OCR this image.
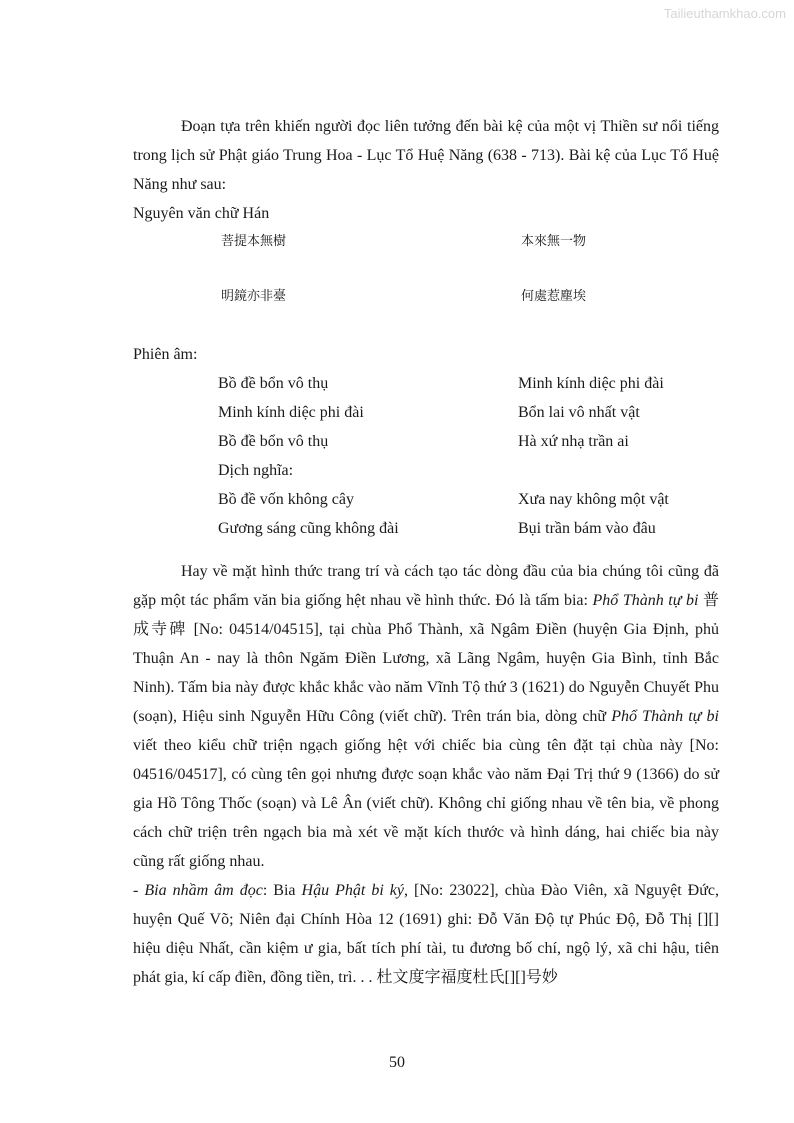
Tailieuthamkhao.com

Đoạn tựa trên khiến người đọc liên tưởng đến bài kệ của một vị Thiền sư nổi tiếng trong lịch sử Phật giáo Trung Hoa - Lục Tổ Huệ Năng (638 - 713). Bài kệ của Lục Tổ Huệ Năng như sau:

Nguyên văn chữ Hán

菩提本無樹	本來無一物
明鏡亦非臺	何處惹塵埃

Phiên âm:

Bồ đề bổn vô thụ	Minh kính diệc phi đài
Minh kính diệc phi đài	Bổn lai vô nhất vật
Bồ đề bổn vô thụ	Hà xứ nhạ trần ai
Dịch nghĩa:
Bồ đề vốn không cây	Xưa nay không một vật
Gương sáng cũng không đài	Bụi trần bám vào đâu

Hay về mặt hình thức trang trí và cách tạo tác dòng đầu của bia chúng tôi cũng đã gặp một tác phẩm văn bia giống hệt nhau về hình thức. Đó là tấm bia: Phổ Thành tự bi 普成寺碑 [No: 04514/04515], tại chùa Phổ Thành, xã Ngâm Điền (huyện Gia Định, phủ Thuận An - nay là thôn Ngăm Điền Lương, xã Lãng Ngâm, huyện Gia Bình, tỉnh Bắc Ninh). Tấm bia này được khắc khắc vào năm Vĩnh Tộ thứ 3 (1621) do Nguyễn Chuyết Phu (soạn), Hiệu sinh Nguyễn Hữu Công (viết chữ). Trên trán bia, dòng chữ Phổ Thành tự bi viết theo kiểu chữ triện ngạch giống hệt với chiếc bia cùng tên đặt tại chùa này [No: 04516/04517], có cùng tên gọi nhưng được soạn khắc vào năm Đại Trị thứ 9 (1366) do sử gia Hồ Tông Thốc (soạn) và Lê Ân (viết chữ). Không chỉ giống nhau về tên bia, về phong cách chữ triện trên ngạch bia mà xét về mặt kích thước và hình dáng, hai chiếc bia này cũng rất giống nhau.

- Bia nhầm âm đọc: Bia Hậu Phật bi ký, [No: 23022], chùa Đào Viên, xã Nguyệt Đức, huyện Quế Võ; Niên đại Chính Hòa 12 (1691) ghi: Đỗ Văn Độ tự Phúc Độ, Đỗ Thị [][] hiệu diệu Nhất, cần kiệm ư gia, bất tích phí tài, tu đương bố chí, ngộ lý, xã chi hậu, tiên phát gia, kí cấp điền, đồng tiền, trì. . . 杜文度字福度杜氏[][]号妙

50
